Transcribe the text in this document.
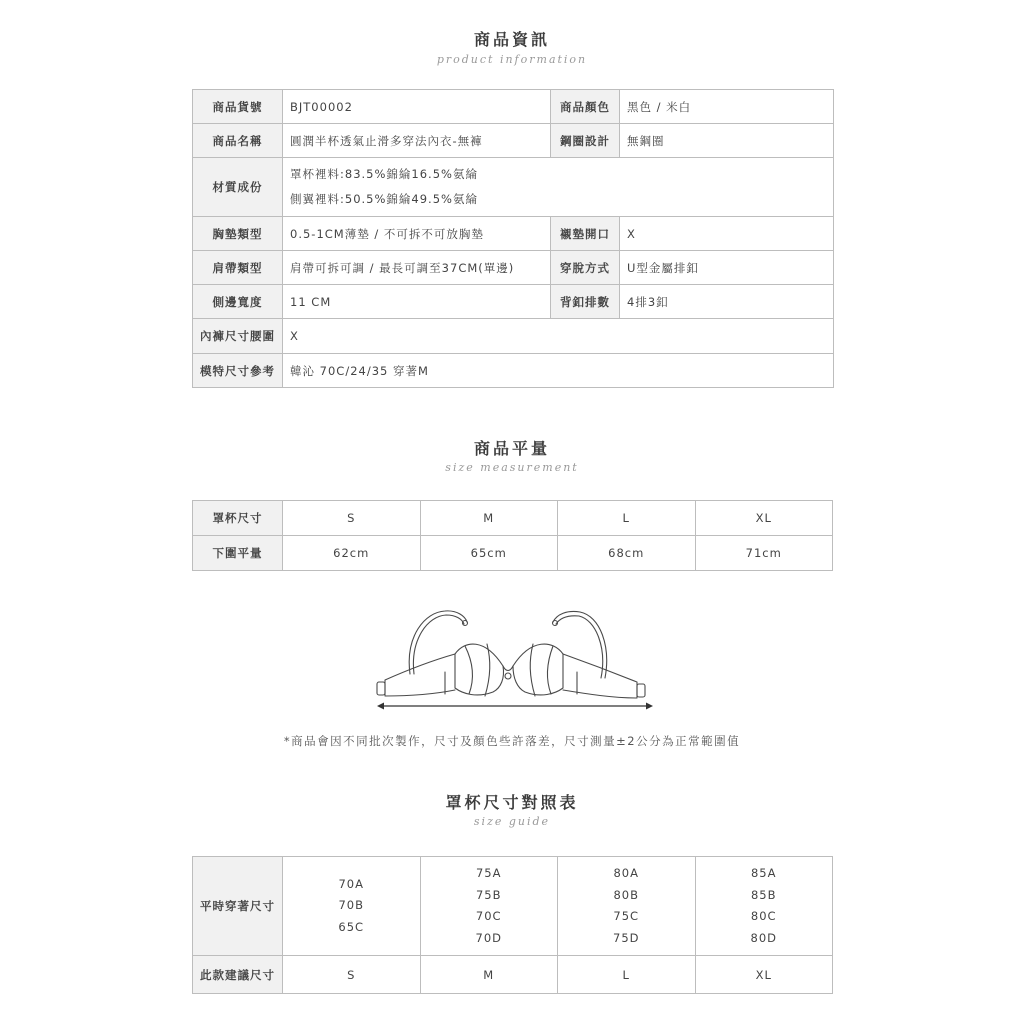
商品資訊
product information
商品貨號	BJT00002	商品顏色	黑色 / 米白
商品名稱	圓潤半杯透氣止滑多穿法內衣-無褲	鋼圈設計	無鋼圈
材質成份	罩杯裡料:83.5%錦綸16.5%氨綸
側翼裡料:50.5%錦綸49.5%氨綸		

胸墊類型	0.5-1CM薄墊 / 不可拆不可放胸墊	襯墊開口	X
肩帶類型	肩帶可拆可調 / 最長可調至37CM(單邊)	穿脫方式	U型金屬排釦
側邊寬度	11 CM	背釦排數	4排3釦
內褲尺寸腰圍	X		
模特尺寸參考	韓沁 70C/24/35 穿著M		
商品平量
size measurement
罩杯尺寸	S	M	L	XL
下圍平量	62cm	65cm	68cm	71cm
*商品會因不同批次製作，尺寸及顏色些許落差，尺寸測量±2公分為正常範圍值
罩杯尺寸對照表
size guide
平時穿著尺寸	70A
70B
65C	75A
75B
70C
70D	80A
80B
75C
75D	85A
85B
80C
80D

此款建議尺寸	S	M	L	XL
